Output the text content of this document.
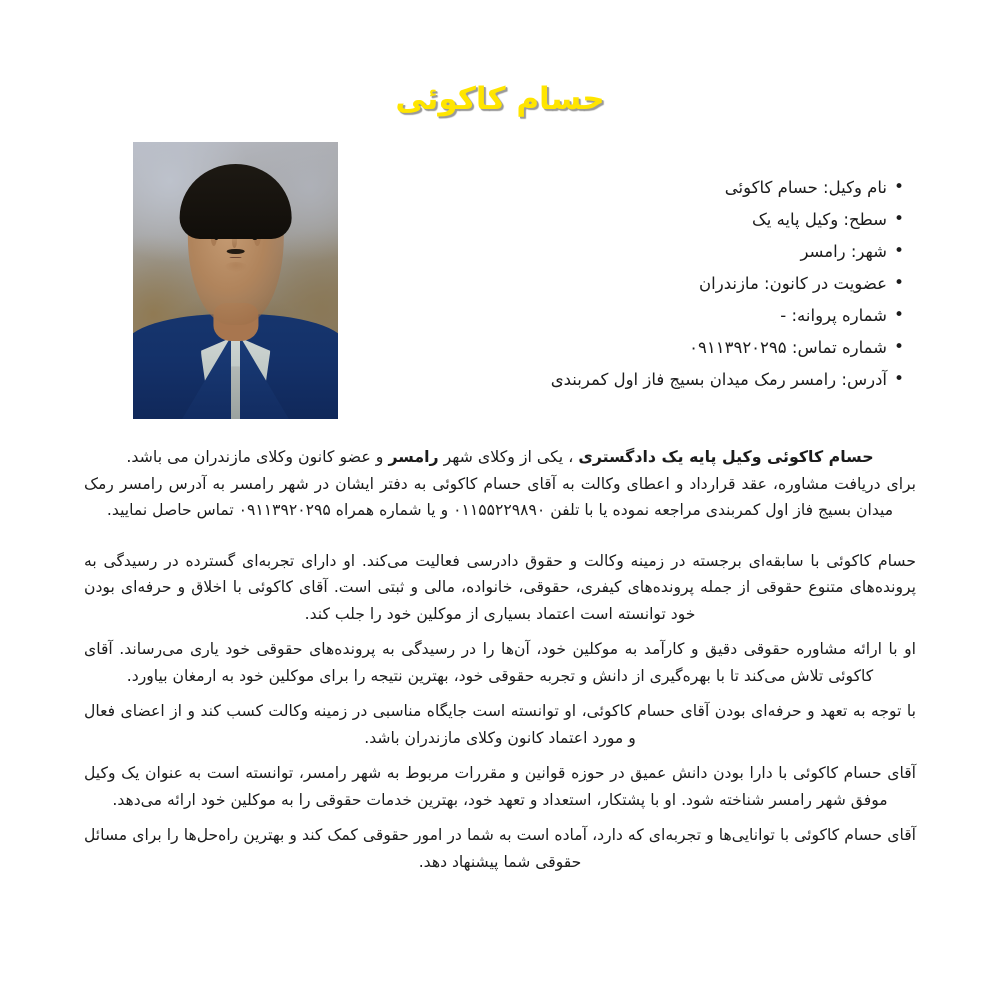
حسام کاکوئی
• نام وکیل: حسام کاکوئی
• سطح: وکیل پایه یک
• شهر: رامسر
• عضویت در کانون: مازندران
• شماره پروانه: -
• شماره تماس: ۰۹۱۱۳۹۲۰۲۹۵
• آدرس: رامسر رمک میدان بسیج فاز اول کمربندی

حسام کاکوئی وکیل پایه یک دادگستری ، یکی از وکلای شهر رامسر و عضو کانون وکلای مازندران می باشد.

برای دریافت مشاوره، عقد قرارداد و اعطای وکالت به آقای حسام کاکوئی به دفتر ایشان در شهر رامسر به آدرس رامسر رمک میدان بسیج فاز اول کمربندی مراجعه نموده یا با تلفن ۰۱۱۵۵۲۲۹۸۹۰ و یا شماره همراه ۰۹۱۱۳۹۲۰۲۹۵ تماس حاصل نمایید.

حسام کاکوئی با سابقه‌ای برجسته در زمینه وکالت و حقوق دادرسی فعالیت می‌کند. او دارای تجربه‌ای گسترده در رسیدگی به پرونده‌های متنوع حقوقی از جمله پرونده‌های کیفری، حقوقی، خانواده، مالی و ثبتی است. آقای کاکوئی با اخلاق و حرفه‌ای بودن خود توانسته است اعتماد بسیاری از موکلین خود را جلب کند.

او با ارائه مشاوره حقوقی دقیق و کارآمد به موکلین خود، آن‌ها را در رسیدگی به پرونده‌های حقوقی خود یاری می‌رساند. آقای کاکوئی تلاش می‌کند تا با بهره‌گیری از دانش و تجربه حقوقی خود، بهترین نتیجه را برای موکلین خود به ارمغان بیاورد.

با توجه به تعهد و حرفه‌ای بودن آقای حسام کاکوئی، او توانسته است جایگاه مناسبی در زمینه وکالت کسب کند و از اعضای فعال و مورد اعتماد کانون وکلای مازندران باشد.

آقای حسام کاکوئی با دارا بودن دانش عمیق در حوزه قوانین و مقررات مربوط به شهر رامسر، توانسته است به عنوان یک وکیل موفق شهر رامسر شناخته شود. او با پشتکار، استعداد و تعهد خود، بهترین خدمات حقوقی را به موکلین خود ارائه می‌دهد.

آقای حسام کاکوئی با توانایی‌ها و تجربه‌ای که دارد، آماده است به شما در امور حقوقی کمک کند و بهترین راه‌حل‌ها را برای مسائل حقوقی شما پیشنهاد دهد.
